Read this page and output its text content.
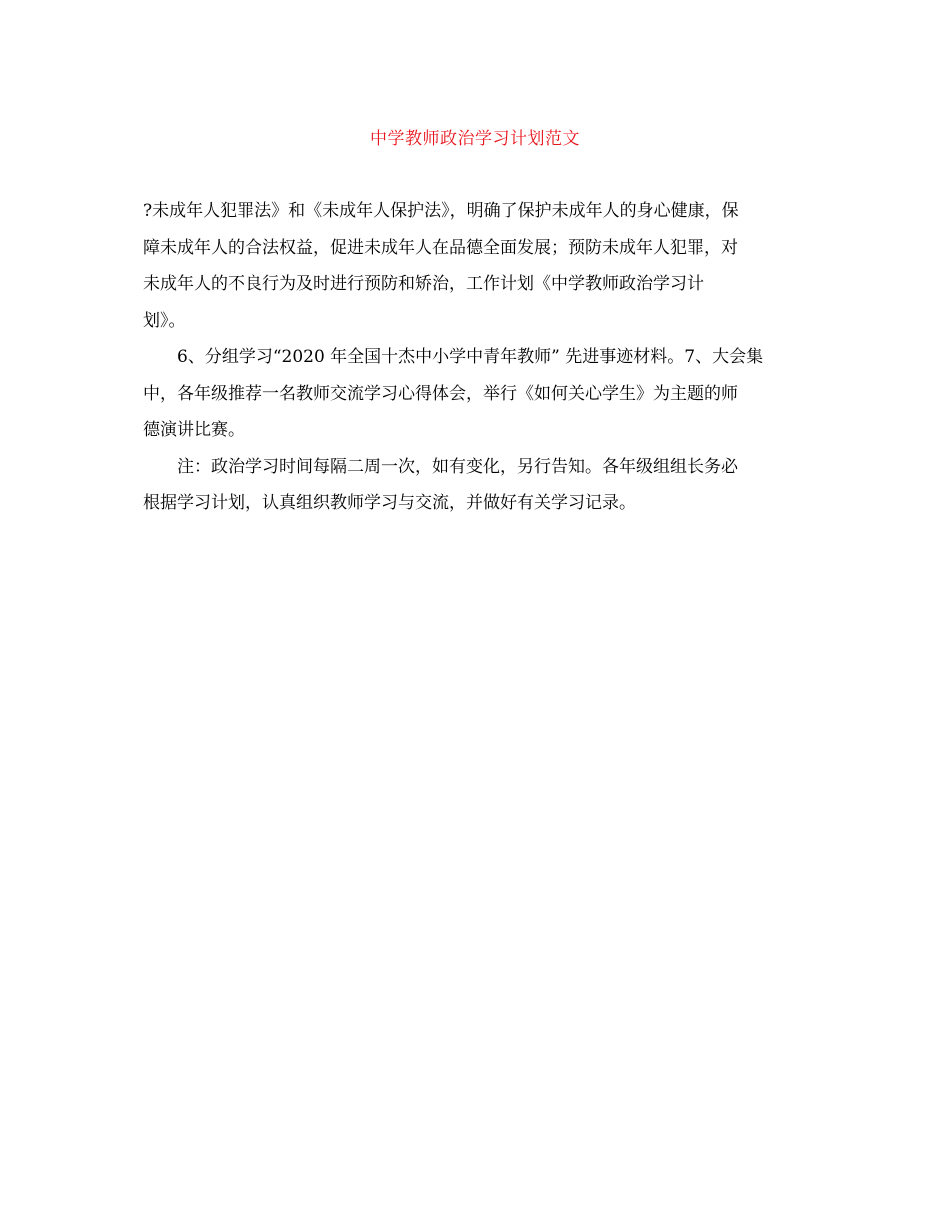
中学教师政治学习计划范文
?未成年人犯罪法》和《未成年人保护法》，明确了保护未成年人的身心健康，保
障未成年人的合法权益，促进未成年人在品德全面发展；预防未成年人犯罪，对
未成年人的不良行为及时进行预防和矫治，工作计划《中学教师政治学习计
划》。
6、分组学习“2020 年全国十杰中小学中青年教师” 先进事迹材料。7、大会集
中，各年级推荐一名教师交流学习心得体会，举行《如何关心学生》为主题的师
德演讲比赛。
注：政治学习时间每隔二周一次，如有变化，另行告知。各年级组组长务必
根据学习计划，认真组织教师学习与交流，并做好有关学习记录。
